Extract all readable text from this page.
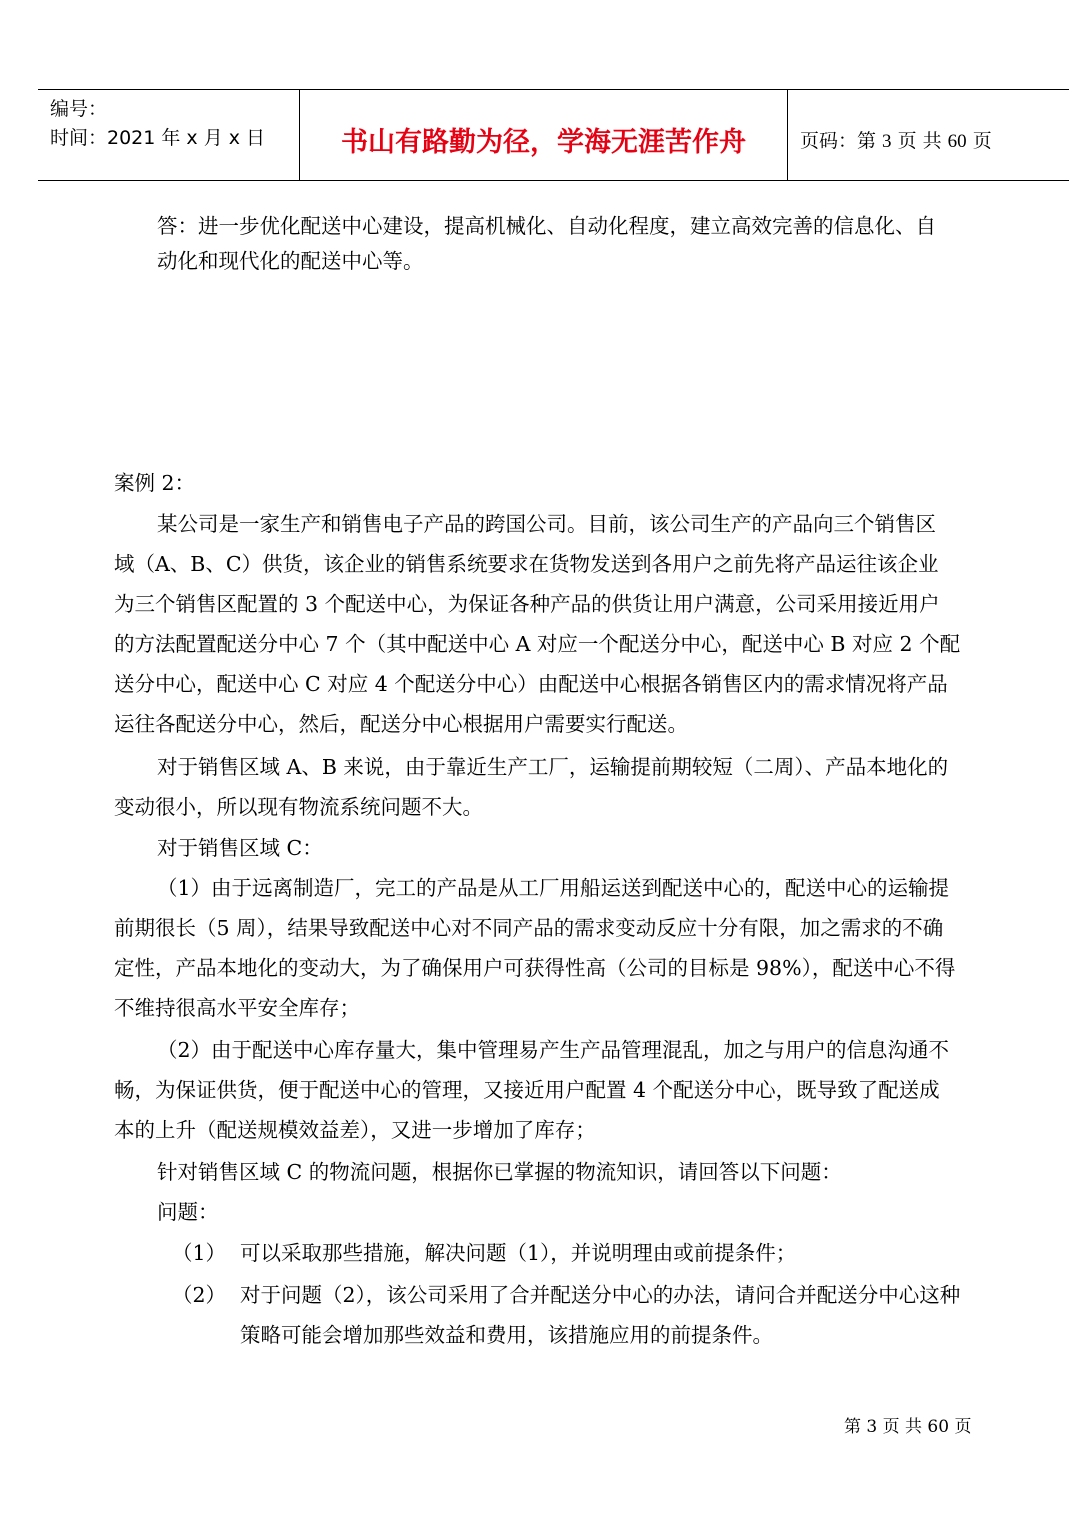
编号：
时间：2021 年 x 月 x 日	书山有路勤为径，学海无涯苦作舟	页码：第 3 页 共 60 页
答：进一步优化配送中心建设，提高机械化、自动化程度，建立高效完善的信息化、自
动化和现代化的配送中心等。
案例 2：
某公司是一家生产和销售电子产品的跨国公司。目前，该公司生产的产品向三个销售区
域（A、B、C）供货，该企业的销售系统要求在货物发送到各用户之前先将产品运往该企业
为三个销售区配置的 3 个配送中心，为保证各种产品的供货让用户满意，公司采用接近用户
的方法配置配送分中心 7 个（其中配送中心 A 对应一个配送分中心，配送中心 B 对应 2 个配
送分中心，配送中心 C 对应 4 个配送分中心）由配送中心根据各销售区内的需求情况将产品
运往各配送分中心，然后，配送分中心根据用户需要实行配送。
对于销售区域 A、B 来说，由于靠近生产工厂，运输提前期较短（二周）、产品本地化的
变动很小，所以现有物流系统问题不大。
对于销售区域 C：
（1）由于远离制造厂，完工的产品是从工厂用船运送到配送中心的，配送中心的运输提
前期很长（5 周），结果导致配送中心对不同产品的需求变动反应十分有限，加之需求的不确
定性，产品本地化的变动大，为了确保用户可获得性高（公司的目标是 98%），配送中心不得
不维持很高水平安全库存；
（2）由于配送中心库存量大，集中管理易产生产品管理混乱，加之与用户的信息沟通不
畅，为保证供货，便于配送中心的管理，又接近用户配置 4 个配送分中心，既导致了配送成
本的上升（配送规模效益差），又进一步增加了库存；
针对销售区域 C 的物流问题，根据你已掌握的物流知识，请回答以下问题：
问题：
（1） 可以采取那些措施，解决问题（1），并说明理由或前提条件；
（2） 对于问题（2），该公司采用了合并配送分中心的办法，请问合并配送分中心这种
策略可能会增加那些效益和费用，该措施应用的前提条件。
第 3 页 共 60 页
